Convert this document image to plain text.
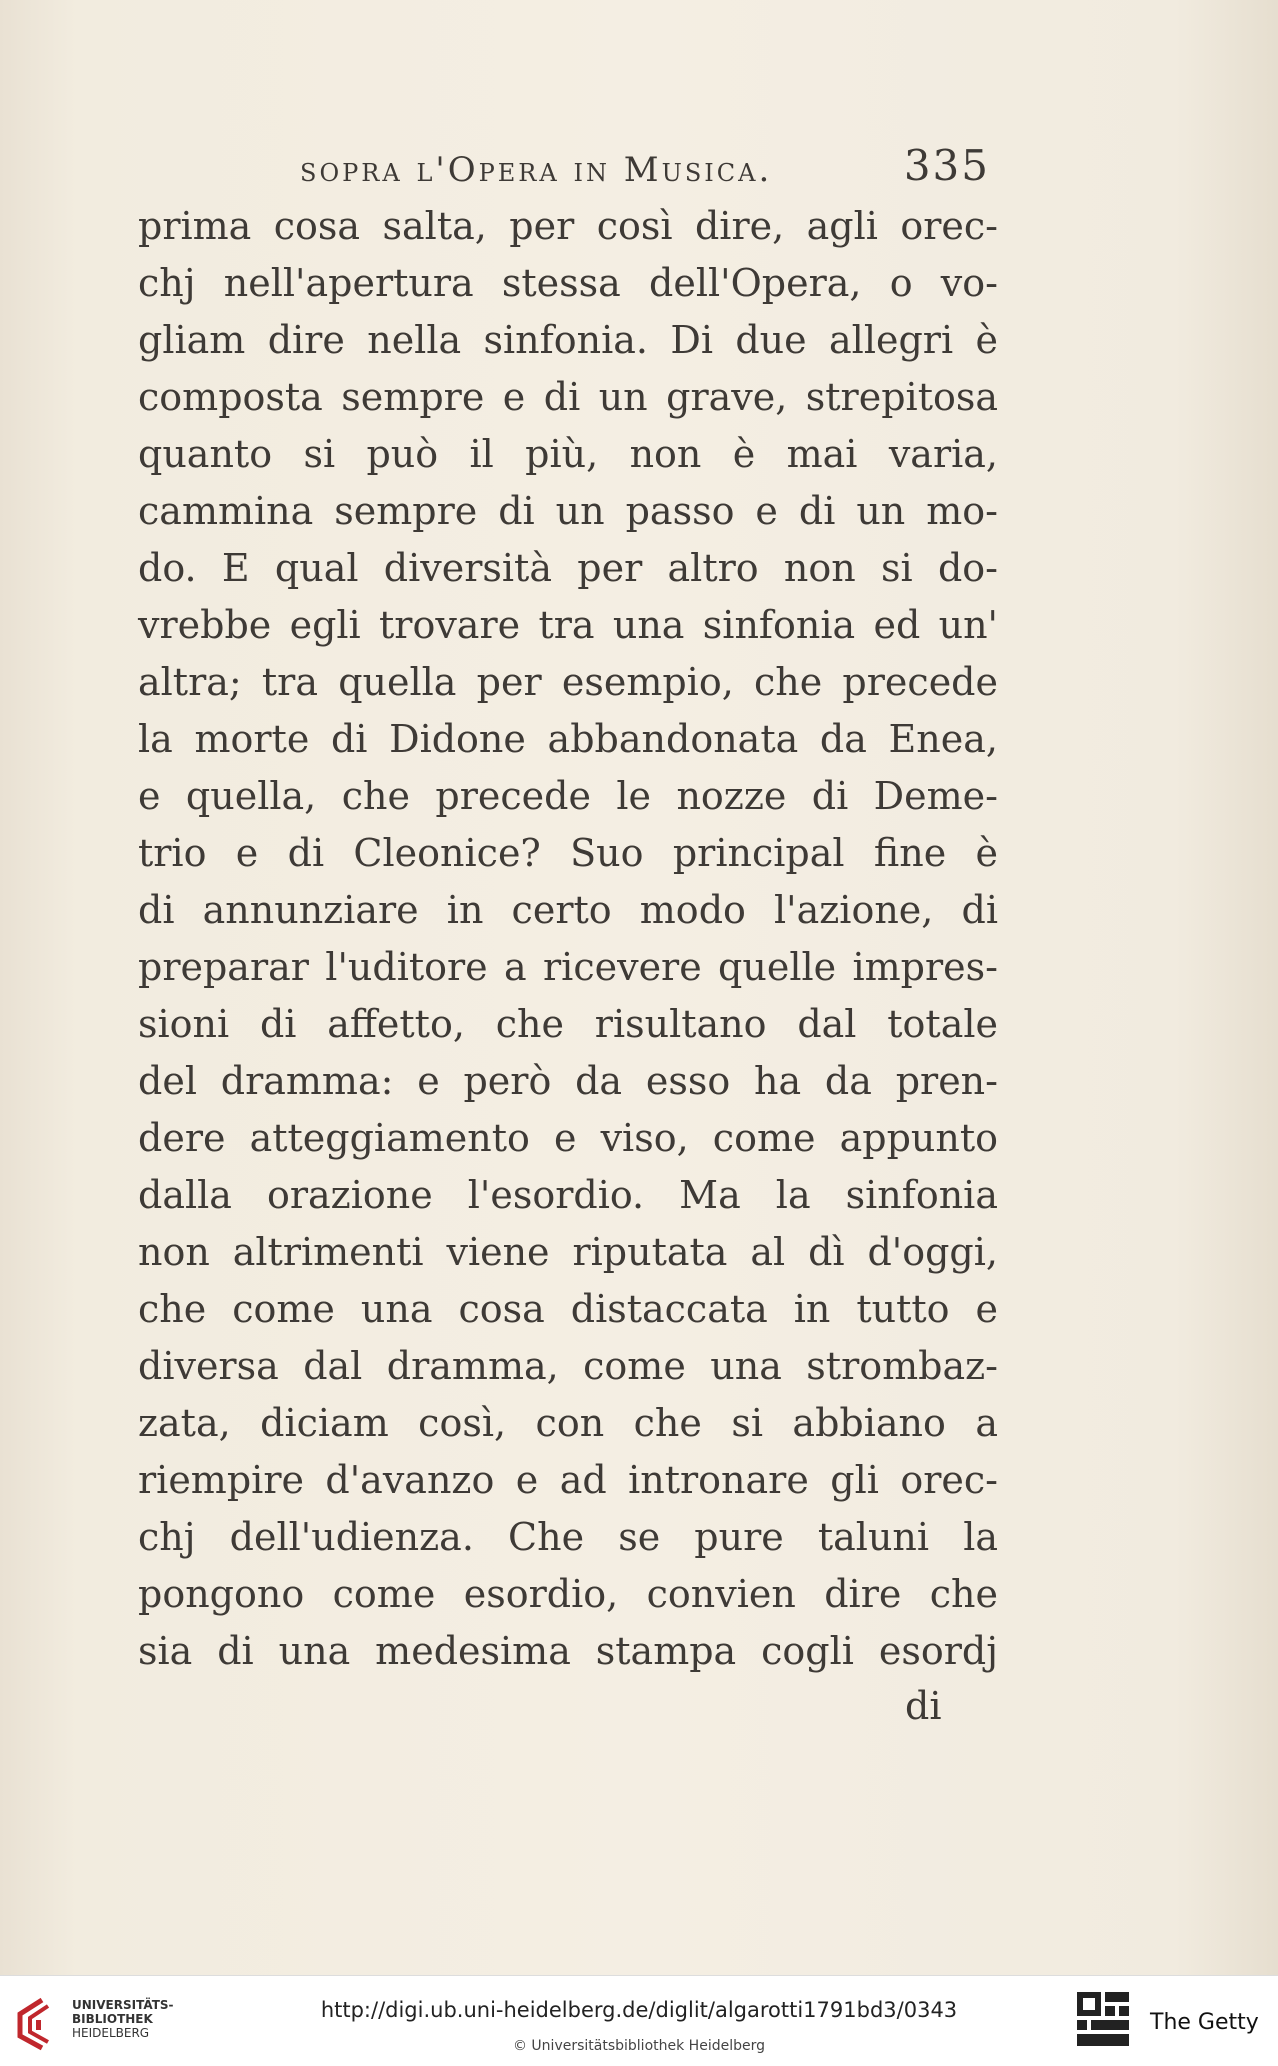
sopra l'Opera in Musica.	335
prima cosa salta, per così dire, agli orec-
chj nell'apertura stessa dell'Opera, o vo-
gliam dire nella sinfonia. Di due allegri è
composta sempre e di un grave, strepitosa
quanto si può il più, non è mai varia,
cammina sempre di un passo e di un mo-
do. E qual diversità per altro non si do-
vrebbe egli trovare tra una sinfonia ed un'
altra; tra quella per esempio, che precede
la morte di Didone abbandonata da Enea,
e quella, che precede le nozze di Deme-
trio e di Cleonice? Suo principal fine è
di annunziare in certo modo l'azione, di
preparar l'uditore a ricevere quelle impres-
sioni di affetto, che risultano dal totale
del dramma: e però da esso ha da pren-
dere atteggiamento e viso, come appunto
dalla orazione l'esordio. Ma la sinfonia
non altrimenti viene riputata al dì d'oggi,
che come una cosa distaccata in tutto e
diversa dal dramma, come una strombaz-
zata, diciam così, con che si abbiano a
riempire d'avanzo e ad intronare gli orec-
chj dell'udienza. Che se pure taluni la
pongono come esordio, convien dire che
sia di una medesima stampa cogli esordj
di
UNIVERSITÄTS-
BIBLIOTHEK
HEIDELBERG
http://digi.ub.uni-heidelberg.de/diglit/algarotti1791bd3/0343
© Universitätsbibliothek Heidelberg
The Getty
